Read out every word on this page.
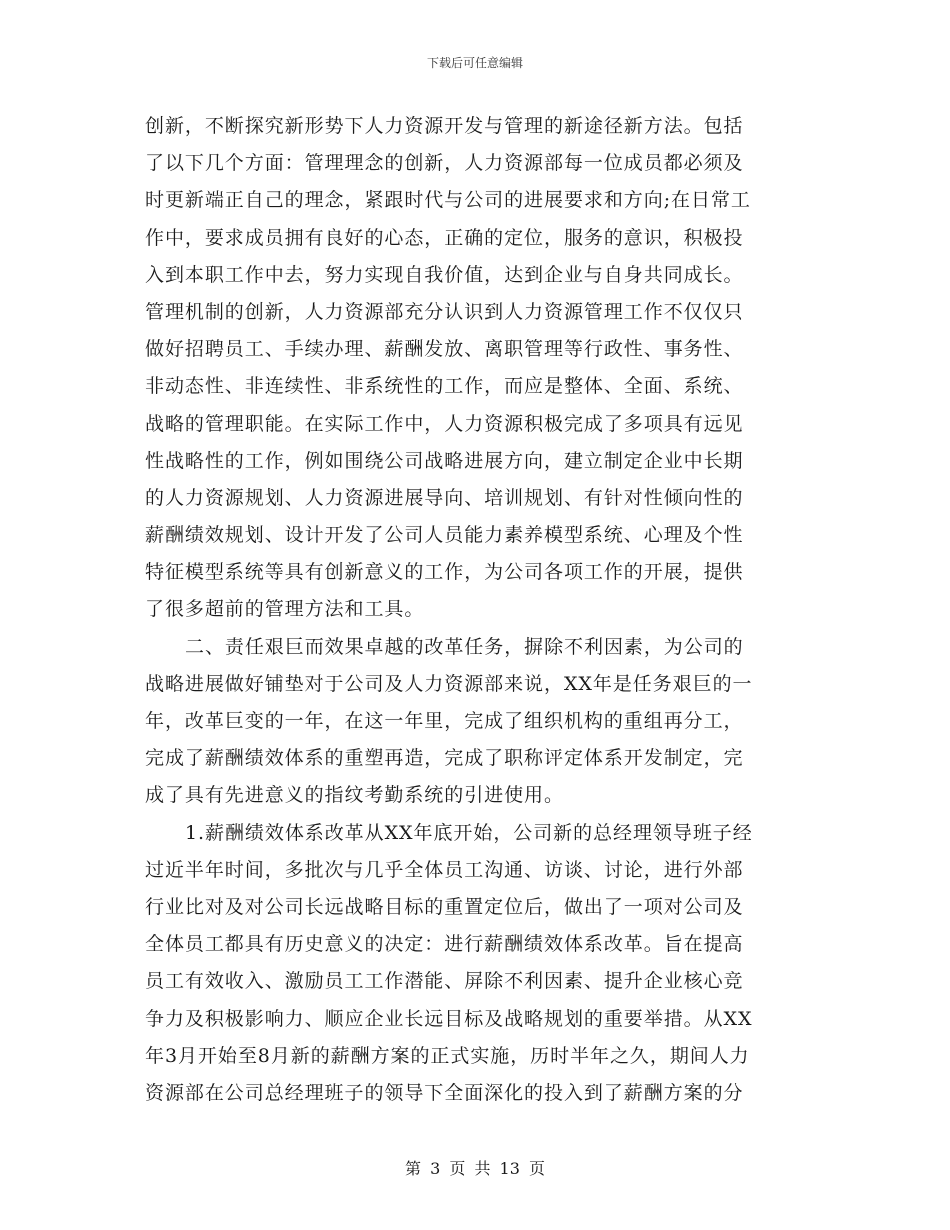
下载后可任意编辑
创新，不断探究新形势下人力资源开发与管理的新途径新方法。包括
了以下几个方面：管理理念的创新，人力资源部每一位成员都必须及
时更新端正自己的理念，紧跟时代与公司的进展要求和方向;在日常工
作中，要求成员拥有良好的心态，正确的定位，服务的意识，积极投
入到本职工作中去，努力实现自我价值，达到企业与自身共同成长。
管理机制的创新，人力资源部充分认识到人力资源管理工作不仅仅只
做好招聘员工、手续办理、薪酬发放、离职管理等行政性、事务性、
非动态性、非连续性、非系统性的工作，而应是整体、全面、系统、
战略的管理职能。在实际工作中，人力资源积极完成了多项具有远见
性战略性的工作，例如围绕公司战略进展方向，建立制定企业中长期
的人力资源规划、人力资源进展导向、培训规划、有针对性倾向性的
薪酬绩效规划、设计开发了公司人员能力素养模型系统、心理及个性
特征模型系统等具有创新意义的工作，为公司各项工作的开展，提供
了很多超前的管理方法和工具。
二、责任艰巨而效果卓越的改革任务，摒除不利因素，为公司的
战略进展做好铺垫对于公司及人力资源部来说，XX年是任务艰巨的一
年，改革巨变的一年，在这一年里，完成了组织机构的重组再分工，
完成了薪酬绩效体系的重塑再造，完成了职称评定体系开发制定，完
成了具有先进意义的指纹考勤系统的引进使用。
1.薪酬绩效体系改革从XX年底开始，公司新的总经理领导班子经
过近半年时间，多批次与几乎全体员工沟通、访谈、讨论，进行外部
行业比对及对公司长远战略目标的重置定位后，做出了一项对公司及
全体员工都具有历史意义的决定：进行薪酬绩效体系改革。旨在提高
员工有效收入、激励员工工作潜能、屏除不利因素、提升企业核心竞
争力及积极影响力、顺应企业长远目标及战略规划的重要举措。从XX
年3月开始至8月新的薪酬方案的正式实施，历时半年之久，期间人力
资源部在公司总经理班子的领导下全面深化的投入到了薪酬方案的分
第 3 页 共 13 页
